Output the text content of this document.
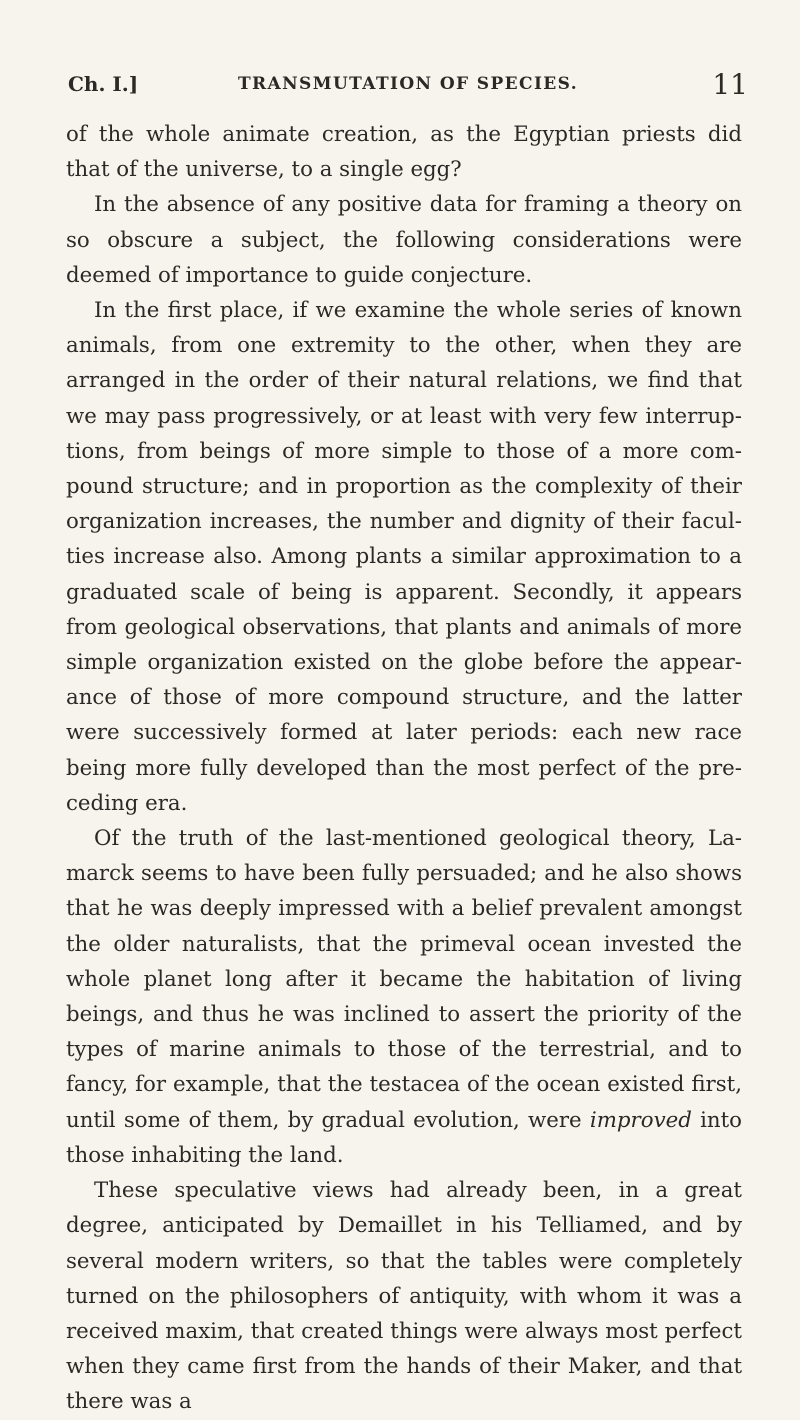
Ch. I.]	TRANSMUTATION OF SPECIES.	11

of the whole animate creation, as the Egyptian priests did that of the universe, to a single egg?

In the absence of any positive data for framing a theory on so obscure a subject, the following considerations were deemed of importance to guide conjecture.

In the first place, if we examine the whole series of known animals, from one extremity to the other, when they are arranged in the order of their natural relations, we find that we may pass progressively, or at least with very few interruptions, from beings of more simple to those of a more compound structure; and in proportion as the complexity of their organization increases, the number and dignity of their faculties increase also. Among plants a similar approximation to a graduated scale of being is apparent. Secondly, it appears from geological observations, that plants and animals of more simple organization existed on the globe before the appearance of those of more compound structure, and the latter were successively formed at later periods: each new race being more fully developed than the most perfect of the preceding era.

Of the truth of the last-mentioned geological theory, Lamarck seems to have been fully persuaded; and he also shows that he was deeply impressed with a belief prevalent amongst the older naturalists, that the primeval ocean invested the whole planet long after it became the habitation of living beings, and thus he was inclined to assert the priority of the types of marine animals to those of the terrestrial, and to fancy, for example, that the testacea of the ocean existed first, until some of them, by gradual evolution, were improved into those inhabiting the land.

These speculative views had already been, in a great degree, anticipated by Demaillet in his Telliamed, and by several modern writers, so that the tables were completely turned on the philosophers of antiquity, with whom it was a received maxim, that created things were always most perfect when they came first from the hands of their Maker, and that there was a
